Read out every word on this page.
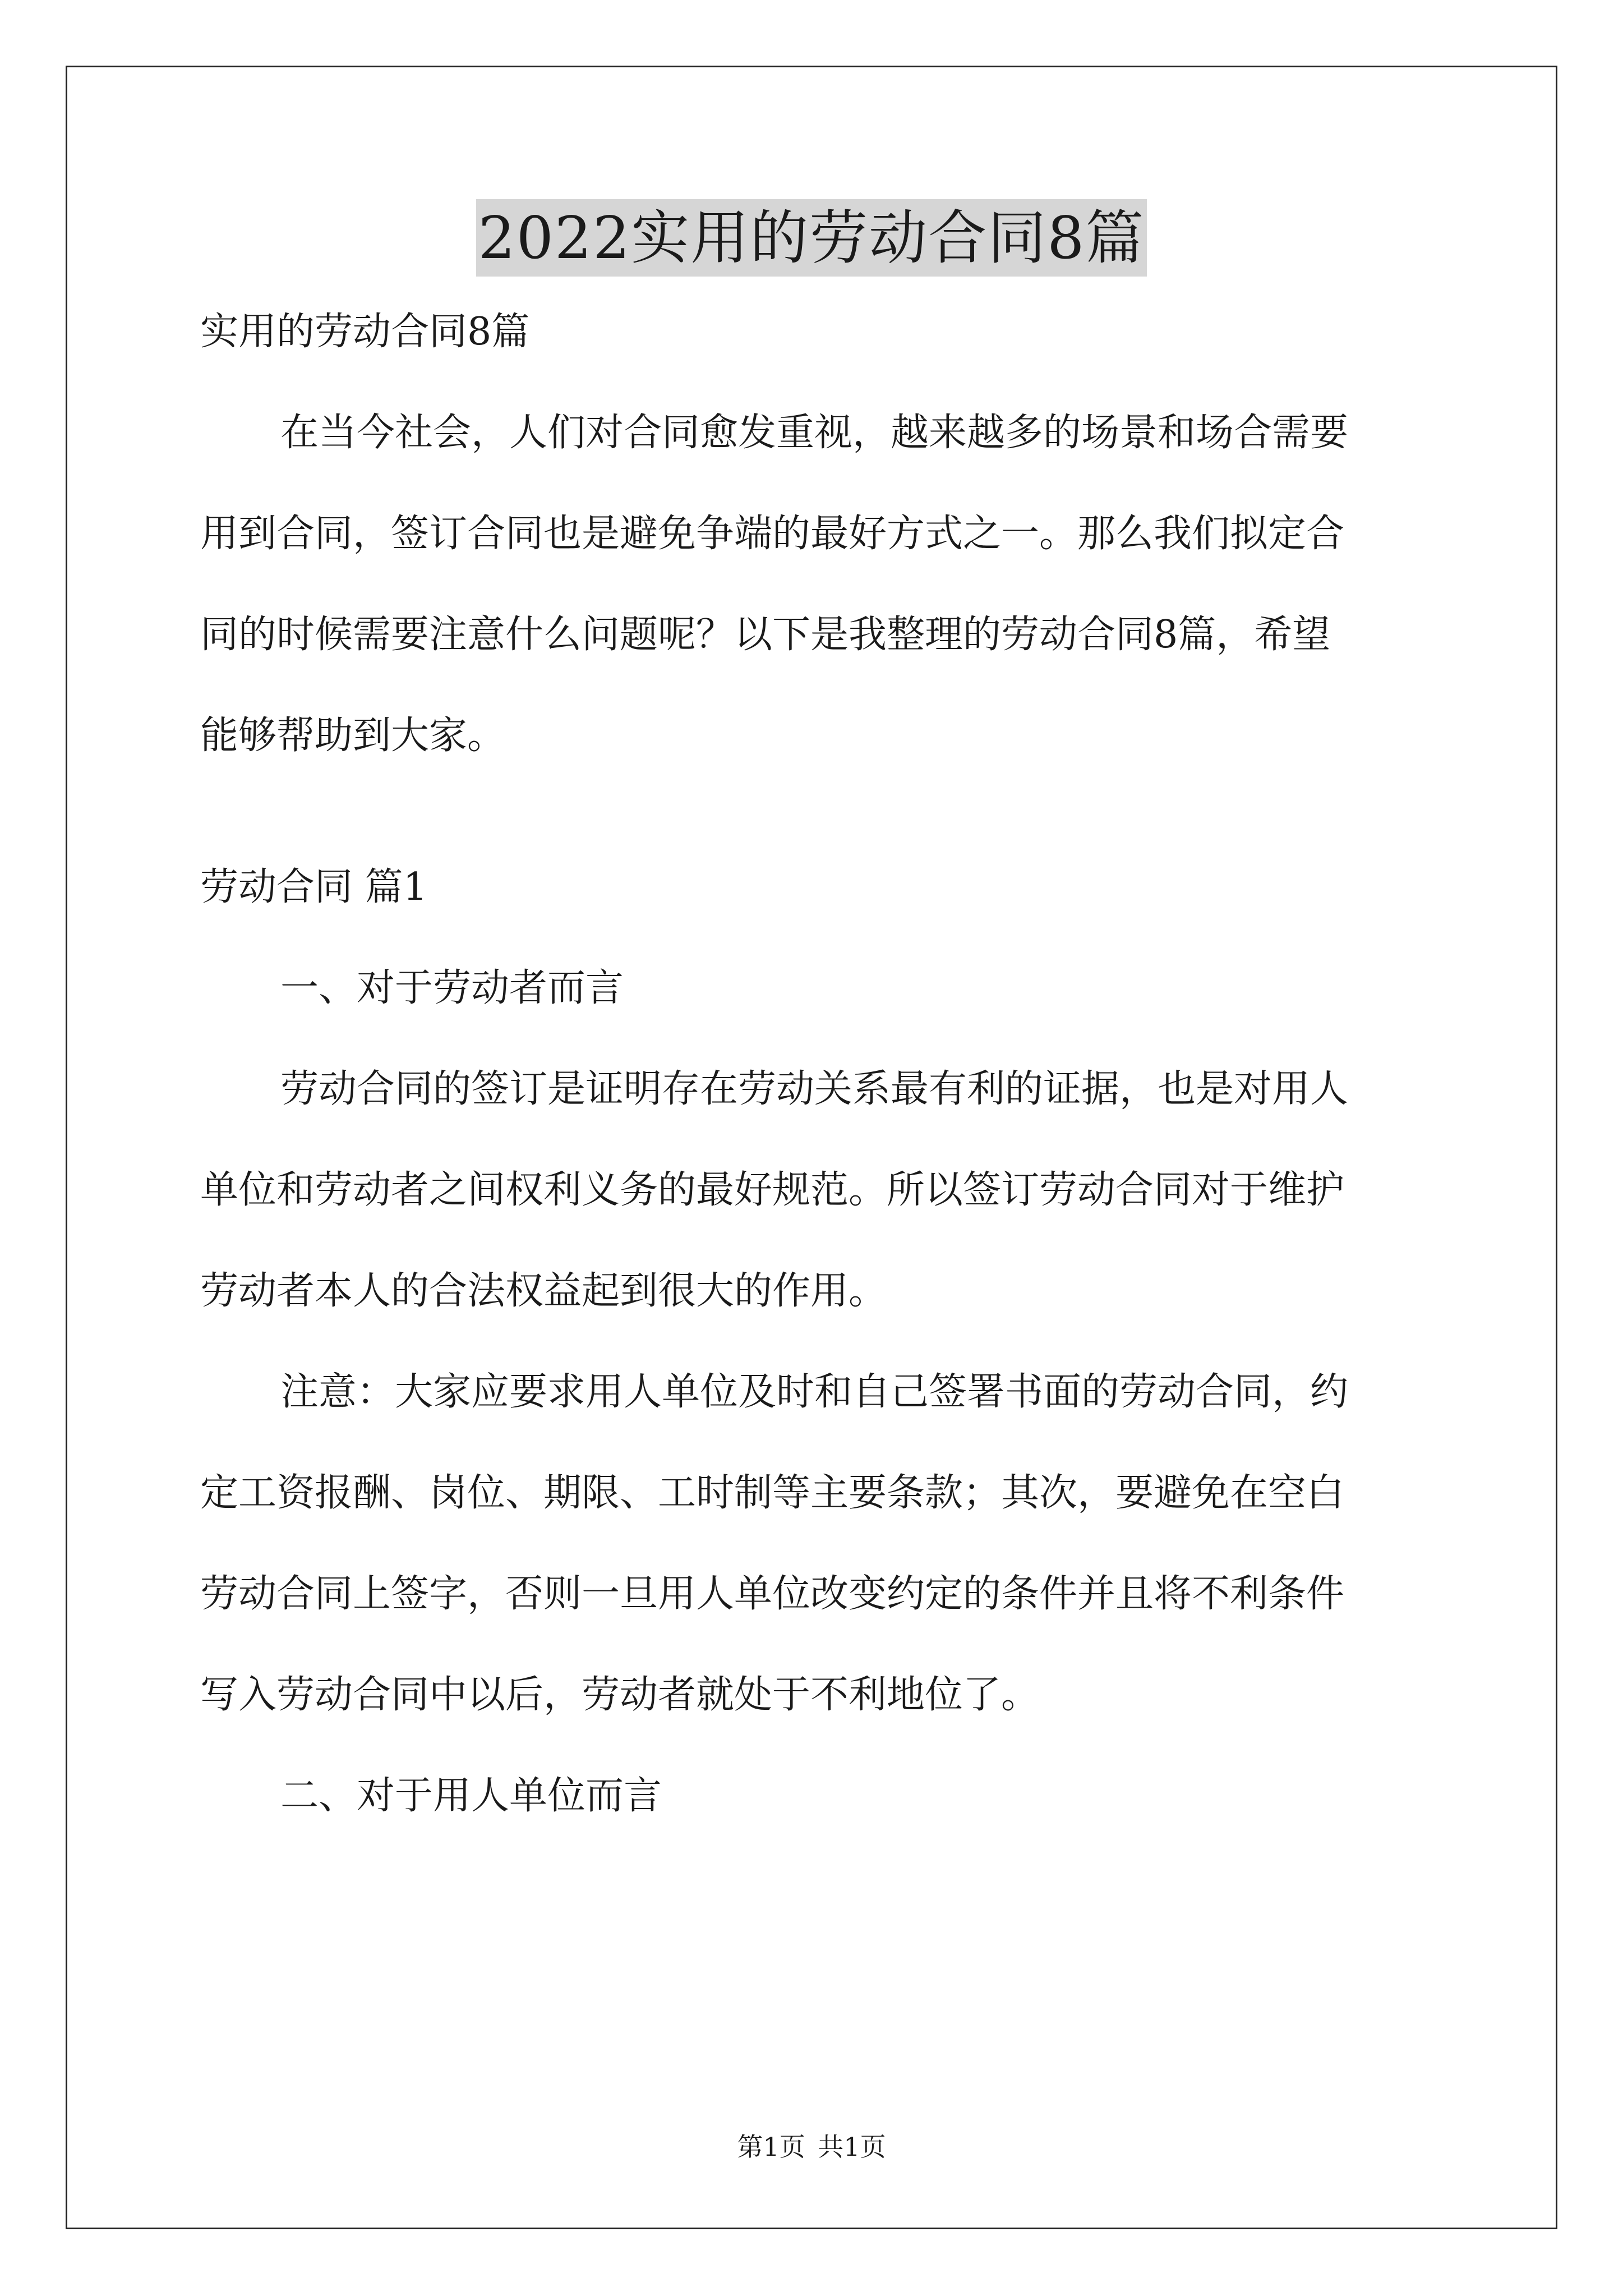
2022实用的劳动合同8篇
实用的劳动合同8篇
在当今社会，人们对合同愈发重视，越来越多的场景和场合需要
用到合同，签订合同也是避免争端的最好方式之一。那么我们拟定合
同的时候需要注意什么问题呢？以下是我整理的劳动合同8篇，希望
能够帮助到大家。
劳动合同 篇1
一、对于劳动者而言
劳动合同的签订是证明存在劳动关系最有利的证据，也是对用人
单位和劳动者之间权利义务的最好规范。所以签订劳动合同对于维护
劳动者本人的合法权益起到很大的作用。
注意：大家应要求用人单位及时和自己签署书面的劳动合同，约
定工资报酬、岗位、期限、工时制等主要条款；其次，要避免在空白
劳动合同上签字，否则一旦用人单位改变约定的条件并且将不利条件
写入劳动合同中以后，劳动者就处于不利地位了。
二、对于用人单位而言
第1页 共1页
